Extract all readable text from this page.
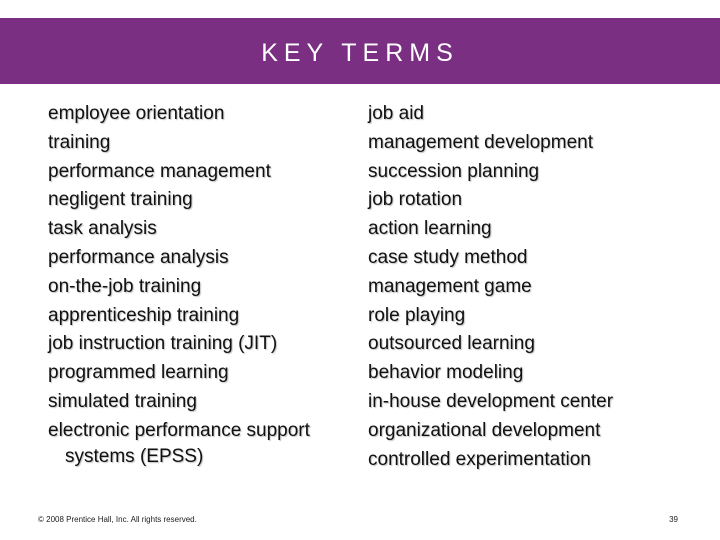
KEY TERMS
employee orientation
training
performance management
negligent training
task analysis
performance analysis
on-the-job training
apprenticeship training
job instruction training (JIT)
programmed learning
simulated training
electronic performance support
systems (EPSS)
job aid
management development
succession planning
job rotation
action learning
case study method
management game
role playing
outsourced learning
behavior modeling
in-house development center
organizational development
controlled experimentation
© 2008 Prentice Hall, Inc. All rights reserved.	39
